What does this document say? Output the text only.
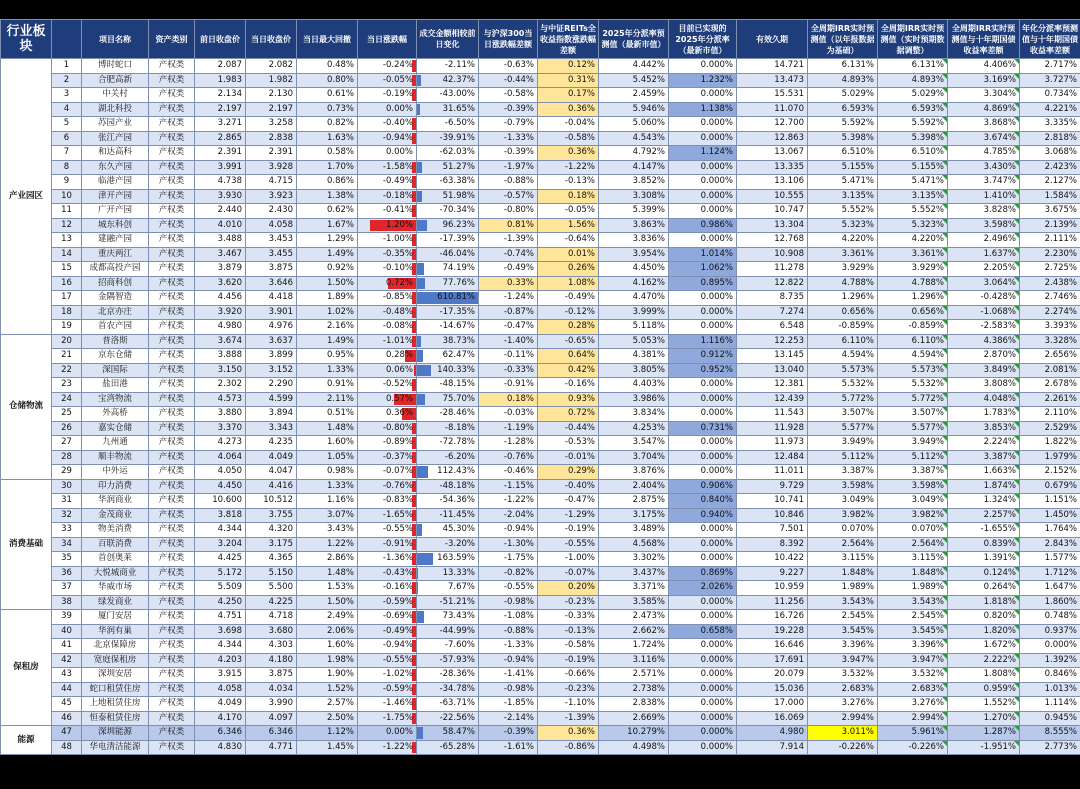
行业板块		项目名称	资产类别	前日收盘价	当日收盘价	当日最大回撤	当日涨跌幅	成交金额相较前日变化	与沪深300当日涨跌幅差额	与中证REITs全收益指数涨跌幅差额	2025年分派率预测值（最新市值）	目前已实现的2025年分派率（最新市值）	有效久期	全周期IRR实时预测值（以年报数据为基础）	全周期IRR实时预测值（实时预期数据调整）	全周期IRR实时预测值与十年期国债收益率差额	年化分派率预测值与十年期国债收益率差额
产业园区	1	博时蛇口	产权类	2.087	2.082	0.48%	-0.24%	-2.11%	-0.63%	0.12%	4.442%	0.000%	14.721	6.131%	6.131%	4.406%	2.717%
	2	合肥高新	产权类	1.983	1.982	0.80%	-0.05%	42.37%	-0.44%	0.31%	5.452%	1.232%	13.473	4.893%	4.893%	3.169%	3.727%
	3	中关村	产权类	2.134	2.130	0.61%	-0.19%	-43.00%	-0.58%	0.17%	2.459%	0.000%	15.531	5.029%	5.029%	3.304%	0.734%
	4	湖北科投	产权类	2.197	2.197	0.73%	0.00%	31.65%	-0.39%	0.36%	5.946%	1.138%	11.070	6.593%	6.593%	4.869%	4.221%
	5	苏园产业	产权类	3.271	3.258	0.82%	-0.40%	-6.50%	-0.79%	-0.04%	5.060%	0.000%	12.700	5.592%	5.592%	3.868%	3.335%
	6	张江产园	产权类	2.865	2.838	1.63%	-0.94%	-39.91%	-1.33%	-0.58%	4.543%	0.000%	12.863	5.398%	5.398%	3.674%	2.818%
	7	和达高科	产权类	2.391	2.391	0.58%	0.00%	-62.03%	-0.39%	0.36%	4.792%	1.124%	13.067	6.510%	6.510%	4.785%	3.068%
	8	东久产园	产权类	3.991	3.928	1.70%	-1.58%	51.27%	-1.97%	-1.22%	4.147%	0.000%	13.335	5.155%	5.155%	3.430%	2.423%
	9	临港产园	产权类	4.738	4.715	0.86%	-0.49%	-63.38%	-0.88%	-0.13%	3.852%	0.000%	13.106	5.471%	5.471%	3.747%	2.127%
	10	津开产园	产权类	3.930	3.923	1.38%	-0.18%	51.98%	-0.57%	0.18%	3.308%	0.000%	10.555	3.135%	3.135%	1.410%	1.584%
	11	广开产园	产权类	2.440	2.430	0.62%	-0.41%	-70.34%	-0.80%	-0.05%	5.399%	0.000%	10.747	5.552%	5.552%	3.828%	3.675%
	12	城东科创	产权类	4.010	4.058	1.67%	1.20%	96.23%	0.81%	1.56%	3.863%	0.986%	13.304	5.323%	5.323%	3.598%	2.139%
	13	建融产园	产权类	3.488	3.453	1.29%	-1.00%	-17.39%	-1.39%	-0.64%	3.836%	0.000%	12.768	4.220%	4.220%	2.496%	2.111%
	14	重庆两江	产权类	3.467	3.455	1.49%	-0.35%	-46.04%	-0.74%	0.01%	3.954%	1.014%	10.908	3.361%	3.361%	1.637%	2.230%
	15	成都高投产园	产权类	3.879	3.875	0.92%	-0.10%	74.19%	-0.49%	0.26%	4.450%	1.062%	11.278	3.929%	3.929%	2.205%	2.725%
	16	招商科创	产权类	3.620	3.646	1.50%	0.72%	77.76%	0.33%	1.08%	4.162%	0.895%	12.822	4.788%	4.788%	3.064%	2.438%
	17	金隅智造	产权类	4.456	4.418	1.89%	-0.85%	610.81%	-1.24%	-0.49%	4.470%	0.000%	8.735	1.296%	1.296%	-0.428%	2.746%
	18	北京亦庄	产权类	3.920	3.901	1.02%	-0.48%	-17.35%	-0.87%	-0.12%	3.999%	0.000%	7.274	0.656%	0.656%	-1.068%	2.274%
	19	首农产园	产权类	4.980	4.976	2.16%	-0.08%	-14.67%	-0.47%	0.28%	5.118%	0.000%	6.548	-0.859%	-0.859%	-2.583%	3.393%
仓储物流	20	普洛斯	产权类	3.674	3.637	1.49%	-1.01%	38.73%	-1.40%	-0.65%	5.053%	1.116%	12.253	6.110%	6.110%	4.386%	3.328%
	21	京东仓储	产权类	3.888	3.899	0.95%	0.28%	62.47%	-0.11%	0.64%	4.381%	0.912%	13.145	4.594%	4.594%	2.870%	2.656%
	22	深国际	产权类	3.150	3.152	1.33%	0.06%	140.33%	-0.33%	0.42%	3.805%	0.952%	13.040	5.573%	5.573%	3.849%	2.081%
	23	盐田港	产权类	2.302	2.290	0.91%	-0.52%	-48.15%	-0.91%	-0.16%	4.403%	0.000%	12.381	5.532%	5.532%	3.808%	2.678%
	24	宝湾物流	产权类	4.573	4.599	2.11%	0.57%	75.70%	0.18%	0.93%	3.986%	0.000%	12.439	5.772%	5.772%	4.048%	2.261%
	25	外高桥	产权类	3.880	3.894	0.51%	0.36%	-28.46%	-0.03%	0.72%	3.834%	0.000%	11.543	3.507%	3.507%	1.783%	2.110%
	26	嘉实仓储	产权类	3.370	3.343	1.48%	-0.80%	-8.18%	-1.19%	-0.44%	4.253%	0.731%	11.928	5.577%	5.577%	3.853%	2.529%
	27	九州通	产权类	4.273	4.235	1.60%	-0.89%	-72.78%	-1.28%	-0.53%	3.547%	0.000%	11.973	3.949%	3.949%	2.224%	1.822%
	28	顺丰物流	产权类	4.064	4.049	1.05%	-0.37%	-6.20%	-0.76%	-0.01%	3.704%	0.000%	12.484	5.112%	5.112%	3.387%	1.979%
	29	中外运	产权类	4.050	4.047	0.98%	-0.07%	112.43%	-0.46%	0.29%	3.876%	0.000%	11.011	3.387%	3.387%	1.663%	2.152%
消费基础	30	印力消费	产权类	4.450	4.416	1.33%	-0.76%	-48.18%	-1.15%	-0.40%	2.404%	0.906%	9.729	3.598%	3.598%	1.874%	0.679%
	31	华润商业	产权类	10.600	10.512	1.16%	-0.83%	-54.36%	-1.22%	-0.47%	2.875%	0.840%	10.741	3.049%	3.049%	1.324%	1.151%
	32	金茂商业	产权类	3.818	3.755	3.07%	-1.65%	-11.45%	-2.04%	-1.29%	3.175%	0.940%	10.846	3.982%	3.982%	2.257%	1.450%
	33	物美消费	产权类	4.344	4.320	3.43%	-0.55%	45.30%	-0.94%	-0.19%	3.489%	0.000%	7.501	0.070%	0.070%	-1.655%	1.764%
	34	百联消费	产权类	3.204	3.175	1.22%	-0.91%	-3.20%	-1.30%	-0.55%	4.568%	0.000%	8.392	2.564%	2.564%	0.839%	2.843%
	35	首创奥莱	产权类	4.425	4.365	2.86%	-1.36%	163.59%	-1.75%	-1.00%	3.302%	0.000%	10.422	3.115%	3.115%	1.391%	1.577%
	36	大悦城商业	产权类	5.172	5.150	1.48%	-0.43%	13.33%	-0.82%	-0.07%	3.437%	0.869%	9.227	1.848%	1.848%	0.124%	1.712%
	37	华威市场	产权类	5.509	5.500	1.53%	-0.16%	7.67%	-0.55%	0.20%	3.371%	2.026%	10.959	1.989%	1.989%	0.264%	1.647%
	38	绿发商业	产权类	4.250	4.225	1.50%	-0.59%	-51.21%	-0.98%	-0.23%	3.585%	0.000%	11.256	3.543%	3.543%	1.818%	1.860%
保租房	39	厦门安居	产权类	4.751	4.718	2.49%	-0.69%	73.43%	-1.08%	-0.33%	2.473%	0.000%	16.726	2.545%	2.545%	0.820%	0.748%
	40	华润有巢	产权类	3.698	3.680	2.06%	-0.49%	-44.99%	-0.88%	-0.13%	2.662%	0.658%	19.228	3.545%	3.545%	1.820%	0.937%
	41	北京保障房	产权类	4.344	4.303	1.60%	-0.94%	-7.60%	-1.33%	-0.58%	1.724%	0.000%	16.646	3.396%	3.396%	1.672%	0.000%
	42	宽庭保租房	产权类	4.203	4.180	1.98%	-0.55%	-57.93%	-0.94%	-0.19%	3.116%	0.000%	17.691	3.947%	3.947%	2.222%	1.392%
	43	深圳安居	产权类	3.915	3.875	1.90%	-1.02%	-28.36%	-1.41%	-0.66%	2.571%	0.000%	20.079	3.532%	3.532%	1.808%	0.846%
	44	蛇口租赁住房	产权类	4.058	4.034	1.52%	-0.59%	-34.78%	-0.98%	-0.23%	2.738%	0.000%	15.036	2.683%	2.683%	0.959%	1.013%
	45	上地租赁住房	产权类	4.049	3.990	2.57%	-1.46%	-63.71%	-1.85%	-1.10%	2.838%	0.000%	17.000	3.276%	3.276%	1.552%	1.114%
	46	恒泰租赁住房	产权类	4.170	4.097	2.50%	-1.75%	-22.56%	-2.14%	-1.39%	2.669%	0.000%	16.069	2.994%	2.994%	1.270%	0.945%
能源	47	深圳能源	产权类	6.346	6.346	1.12%	0.00%	58.47%	-0.39%	0.36%	10.279%	0.000%	4.980	3.011%	5.961%	1.287%	8.555%
	48	华电清洁能源	产权类	4.830	4.771	1.45%	-1.22%	-65.28%	-1.61%	-0.86%	4.498%	0.000%	7.914	-0.226%	-0.226%	-1.951%	2.773%
